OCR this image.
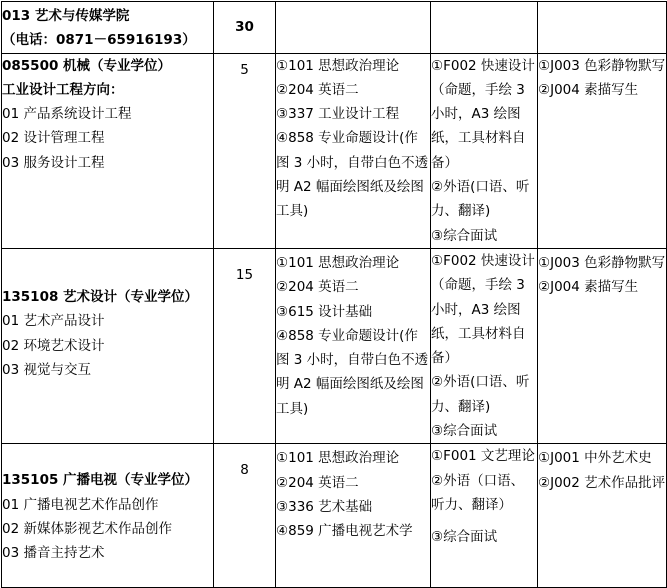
013 艺术与传媒学院
（电话：0871－65916193）	30			

085500 机械（专业学位）
工业设计工程方向：
01 产品系统设计工程
02 设计管理工程
03 服务设计工程	5	①101 思想政治理论
②204 英语二
③337 工业设计工程
④858 专业命题设计(作图 3 小时，自带白色不透明 A2 幅面绘图纸及绘图工具)	①F002 快速设计（命题，手绘 3 小时，A3 绘图纸，工具材料自备）
②外语(口语、听力、翻译)
③综合面试	①J003 色彩静物默写
②J004 素描写生

135108 艺术设计（专业学位）
01 艺术产品设计
02 环境艺术设计
03 视觉与交互	15	①101 思想政治理论
②204 英语二
③615 设计基础
④858 专业命题设计(作图 3 小时，自带白色不透明 A2 幅面绘图纸及绘图工具)	①F002 快速设计（命题，手绘 3 小时，A3 绘图纸，工具材料自备）
②外语(口语、听力、翻译)
③综合面试	①J003 色彩静物默写
②J004 素描写生

135105 广播电视（专业学位）
01 广播电视艺术作品创作
02 新媒体影视艺术作品创作
03 播音主持艺术	8	①101 思想政治理论
②204 英语二
③336 艺术基础
④859 广播电视艺术学	①F001 文艺理论
②外语（口语、听力、翻译）
③综合面试	①J001 中外艺术史
②J002 艺术作品批评
